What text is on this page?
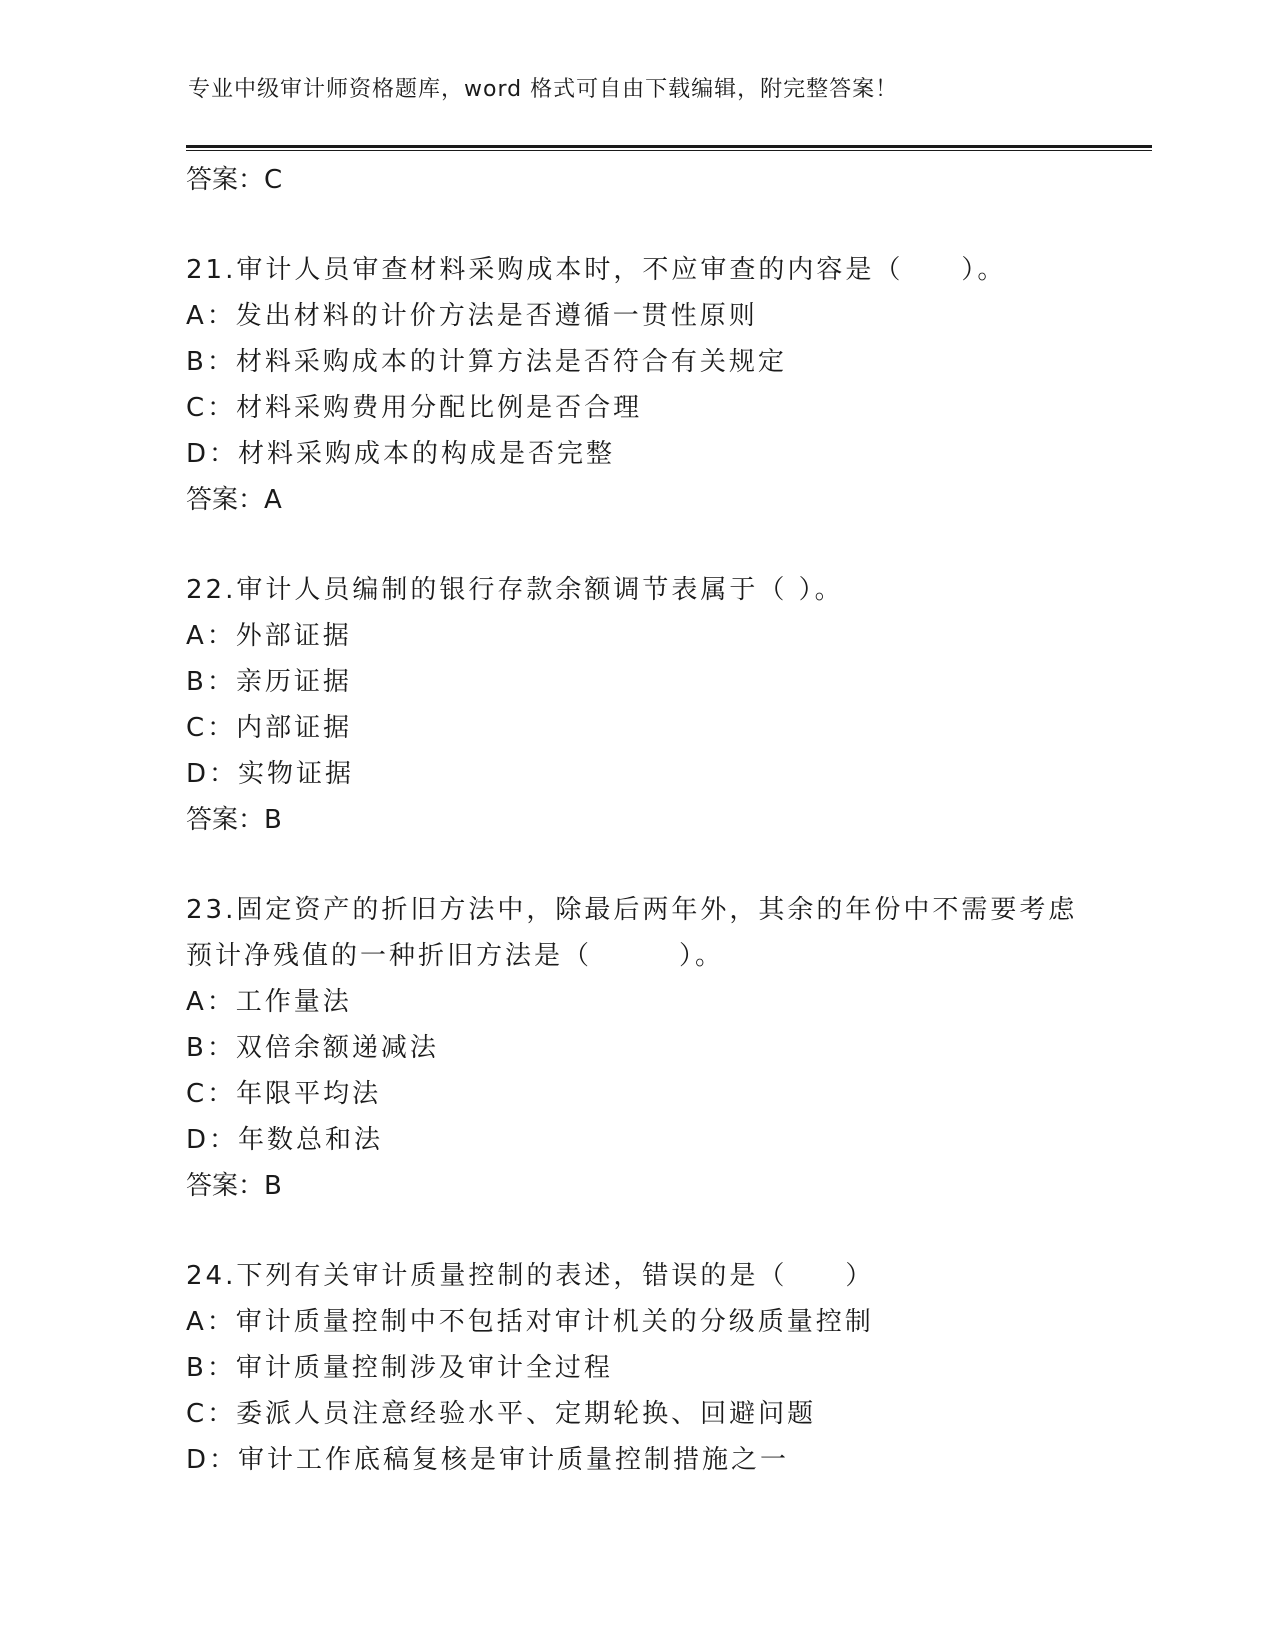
专业中级审计师资格题库，word 格式可自由下载编辑，附完整答案！
答案：C
21.审计人员审查材料采购成本时，不应审查的内容是（　　）。
A：发出材料的计价方法是否遵循一贯性原则
B：材料采购成本的计算方法是否符合有关规定
C：材料采购费用分配比例是否合理
D：材料采购成本的构成是否完整
答案：A
22.审计人员编制的银行存款余额调节表属于（ ）。
A：外部证据
B：亲历证据
C：内部证据
D：实物证据
答案：B
23.固定资产的折旧方法中，除最后两年外，其余的年份中不需要考虑
预计净残值的一种折旧方法是（　　　）。
A：工作量法
B：双倍余额递减法
C：年限平均法
D：年数总和法
答案：B
24.下列有关审计质量控制的表述，错误的是（　　）
A：审计质量控制中不包括对审计机关的分级质量控制
B：审计质量控制涉及审计全过程
C：委派人员注意经验水平、定期轮换、回避问题
D：审计工作底稿复核是审计质量控制措施之一
